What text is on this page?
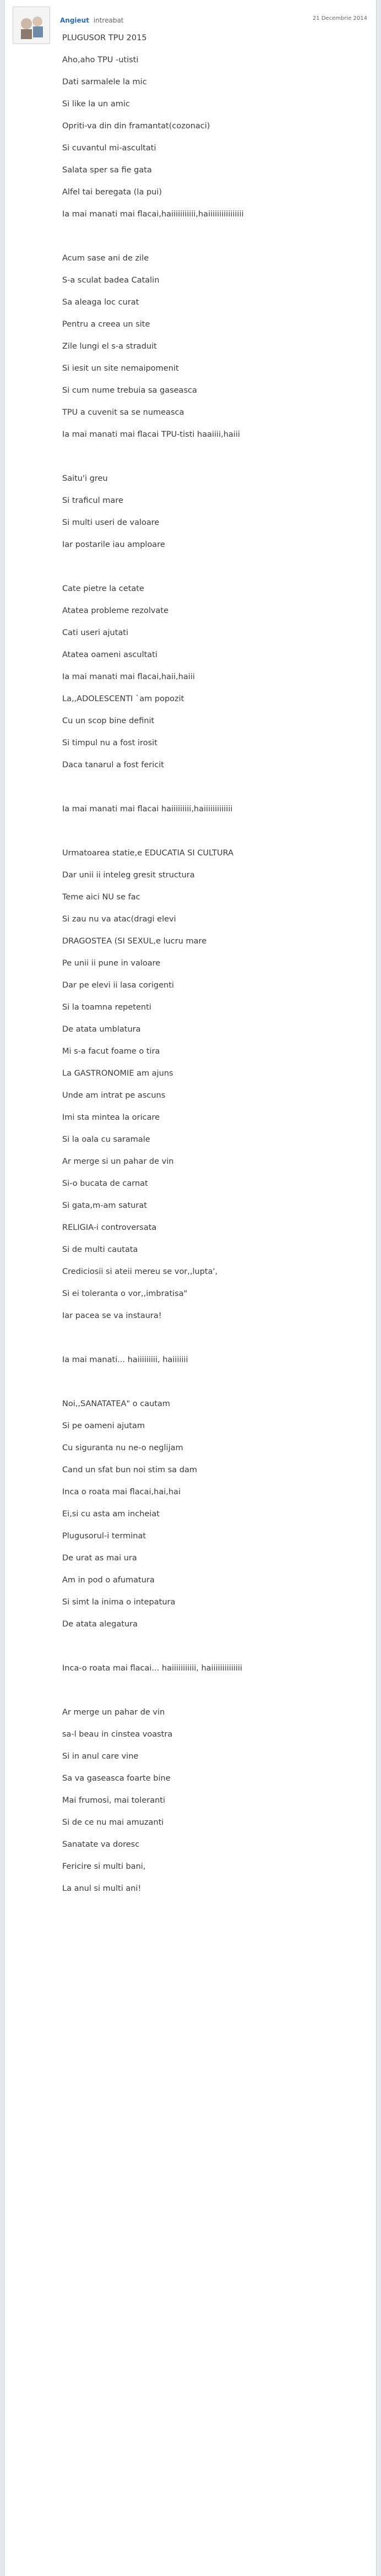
Angieut intreabat	21 Decembrie 2014

PLUGUSOR TPU 2015

Aho,aho TPU -utisti

Dati sarmalele la mic

Si like la un amic

Opriti-va din din framantat(cozonaci)

Si cuvantul mi-ascultati

Salata sper sa fie gata

Alfel tai beregata (la pui)

Ia mai manati mai flacai,haiiiiiiiiiii,haiiiiiiiiiiiiiiii

Acum sase ani de zile

S-a sculat badea Catalin

Sa aleaga loc curat

Pentru a creea un site

Zile lungi el s-a straduit

Si iesit un site nemaipomenit

Si cum nume trebuia sa gaseasca

TPU a cuvenit sa se numeasca

Ia mai manati mai flacai TPU-tisti haaiiii,haiii

Saitu'i greu

Si traficul mare

Si multi useri de valoare

Iar postarile iau amploare

Cate pietre la cetate

Atatea probleme rezolvate

Cati useri ajutati

Atatea oameni ascultati

Ia mai manati mai flacai,haii,haiii

La,,ADOLESCENTI `am popozit

Cu un scop bine definit

Si timpul nu a fost irosit

Daca tanarul a fost fericit

Ia mai manati mai flacai haiiiiiiiii,haiiiiiiiiiiiii

Urmatoarea statie,e EDUCATIA SI CULTURA

Dar unii ii inteleg gresit structura

Teme aici NU se fac

Si zau nu va atac(dragi elevi

DRAGOSTEA (SI SEXUL,e lucru mare

Pe unii ii pune in valoare

Dar pe elevi ii lasa corigenti

Si la toamna repetenti

De atata umblatura

Mi s-a facut foame o tira

La GASTRONOMIE am ajuns

Unde am intrat pe ascuns

Imi sta mintea la oricare

Si la oala cu saramale

Ar merge si un pahar de vin

Si-o bucata de carnat

Si gata,m-am saturat

RELIGIA-i controversata

Si de multi cautata

Crediciosii si ateii mereu se vor,,lupta',

Si ei toleranta o vor,,imbratisa"

Iar pacea se va instaura!

Ia mai manati... haiiiiiiiii, haiiiiiii

Noi,,SANATATEA" o cautam

Si pe oameni ajutam

Cu siguranta nu ne-o neglijam

Cand un sfat bun noi stim sa dam

Inca o roata mai flacai,hai,hai

Ei,si cu asta am incheiat

Plugusorul-i terminat

De urat as mai ura

Am in pod o afumatura

Si simt la inima o intepatura

De atata alegatura

Inca-o roata mai flacai... haiiiiiiiiiii, haiiiiiiiiiiiiii

Ar merge un pahar de vin

sa-l beau in cinstea voastra

Si in anul care vine

Sa va gaseasca foarte bine

Mai frumosi, mai toleranti

Si de ce nu mai amuzanti

Sanatate va doresc

Fericire si multi bani,

La anul si multi ani!
